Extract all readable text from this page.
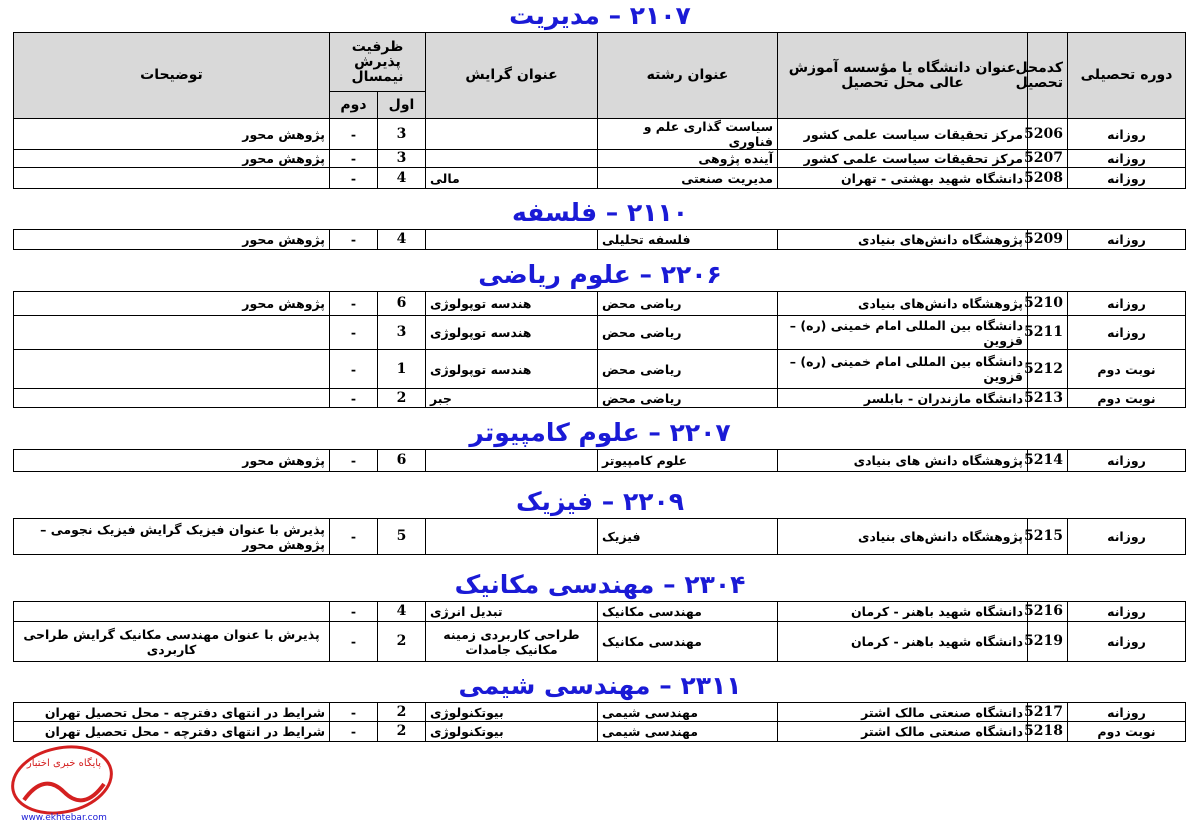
۲۱۰۷ – مدیریت
دوره تحصیلی	کدمحل تحصیل	عنوان دانشگاه یا مؤسسه آموزش عالی محل تحصیل	عنوان رشته	عنوان گرایش	ظرفیت پذیرش نیمسال		توضیحات
					اول	دوم	
روزانه	5206	مرکز تحقیقات سیاست علمی کشور	سیاست گذاری علم و فناوری		3	-	پژوهش محور
روزانه	5207	مرکز تحقیقات سیاست علمی کشور	آینده پژوهی		3	-	پژوهش محور
روزانه	5208	دانشگاه شهید بهشتی - تهران	مدیریت صنعتی	مالی	4	-	
۲۱۱۰ – فلسفه
روزانه	5209	پژوهشگاه دانش‌های بنیادی	فلسفه تحلیلی		4	-	پژوهش محور
۲۲۰۶ – علوم ریاضی
روزانه	5210	پژوهشگاه دانش‌های بنیادی	ریاضی محض	هندسه توپولوژی	6	-	پژوهش محور
روزانه	5211	دانشگاه بین المللی امام خمینی (ره) – قزوین	ریاضی محض	هندسه توپولوژی	3	-	
نوبت دوم	5212	دانشگاه بین المللی امام خمینی (ره) – قزوین	ریاضی محض	هندسه توپولوژی	1	-	
نوبت دوم	5213	دانشگاه مازندران - بابلسر	ریاضی محض	جبر	2	-	
۲۲۰۷ – علوم کامپیوتر
روزانه	5214	پژوهشگاه دانش های بنیادی	علوم کامپیوتر		6	-	پژوهش محور
۲۲۰۹ – فیزیک
روزانه	5215	پژوهشگاه دانش‌های بنیادی	فیزیک		5	-	پذیرش با عنوان فیزیک گرایش فیزیک نجومی – پژوهش محور
۲۳۰۴ – مهندسی مکانیک
روزانه	5216	دانشگاه شهید باهنر - کرمان	مهندسی مکانیک	تبدیل انرژی	4	-	
روزانه	5219	دانشگاه شهید باهنر - کرمان	مهندسی مکانیک	طراحی کاربردی زمینه مکانیک جامدات	2	-	پذیرش با عنوان مهندسی مکانیک گرایش طراحی کاربردی
۲۳۱۱ – مهندسی شیمی
روزانه	5217	دانشگاه صنعتی مالک اشتر	مهندسی شیمی	بیوتکنولوژی	2	-	شرایط در انتهای دفترچه - محل تحصیل تهران
نوبت دوم	5218	دانشگاه صنعتی مالک اشتر	مهندسی شیمی	بیوتکنولوژی	2	-	شرایط در انتهای دفترچه - محل تحصیل تهران
پایگاه خبری اختبار
www.ekhtebar.com
